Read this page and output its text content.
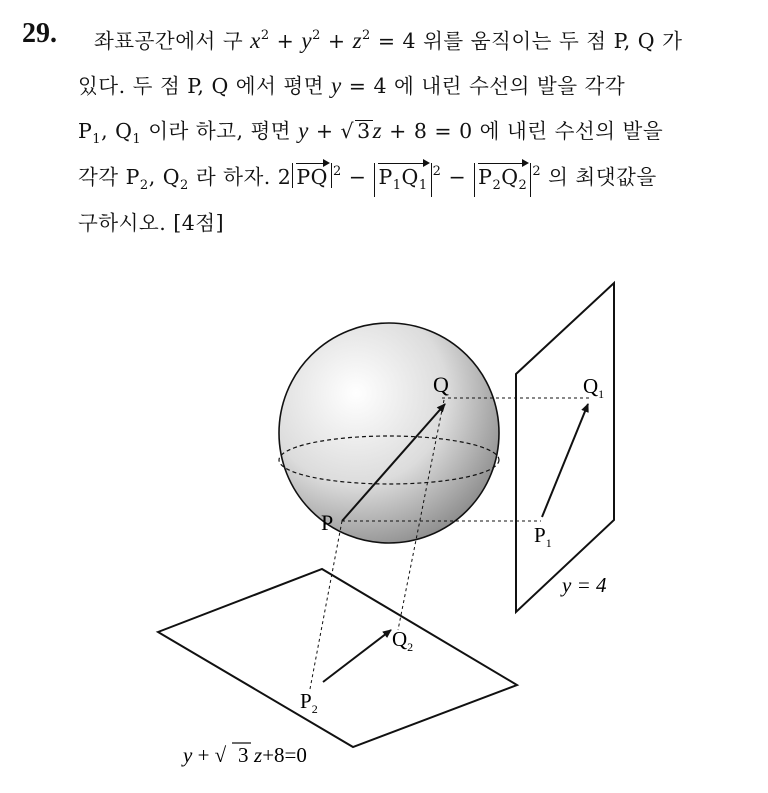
29. 좌표공간에서 구 $x^2 + y^2 + z^2 = 4$ 위를 움직이는 두 점 P, Q 가
있다. 두 점 P, Q 에서 평면 y = 4 에 내린 수선의 발을 각각
$P_1$, $Q_1$ 이라 하고, 평면 y + √ 3z + 8 = 0 에 내린 수선의 발을
각각 $P_2$, $Q_2$ 라 하자. 2 PQ $^2 - P_1Q_1^2 - P_2Q_2^2$ 의 최댓값을
구하시오. [4점]
Q
P
$Q_1$
$P_1$
$Q_2$
$P_2$
y = 4
y + √ 3 z+8=0
